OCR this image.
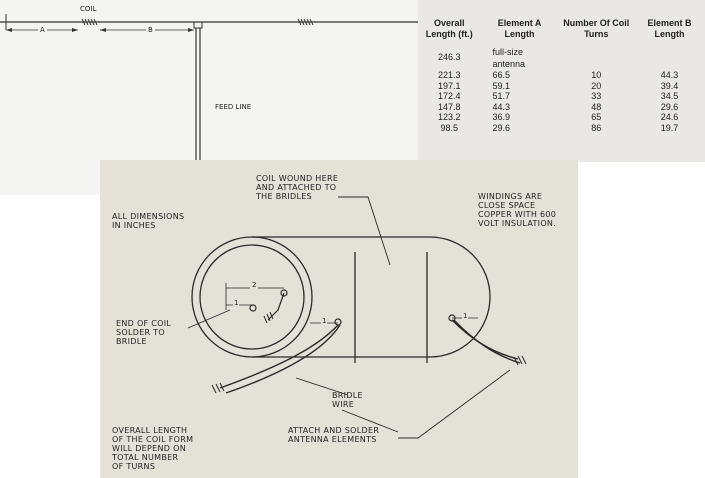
COIL
A	B
FEED LINE
Overall Length (ft.)	Element A Length	Number Of Coil Turns	Element B Length
246.3	full-size antenna		
221.3	66.5	10	44.3
197.1	59.1	20	39.4
172.4	51.7	33	34.5
147.8	44.3	48	29.6
123.2	36.9	65	24.6
98.5	29.6	86	19.7
ALL DIMENSIONS
IN INCHES
COIL WOUND HERE
AND ATTACHED TO
THE BRIDLES	WINDINGS ARE
CLOSE SPACE
COPPER WITH 600
VOLT INSULATION.
END OF COIL
SOLDER TO
BRIDLE
BRIDLE
WIRE
ATTACH AND SOLDER
ANTENNA ELEMENTS
OVERALL LENGTH
OF THE COIL FORM
WILL DEPEND ON
TOTAL NUMBER
OF TURNS
2
1
1
1
